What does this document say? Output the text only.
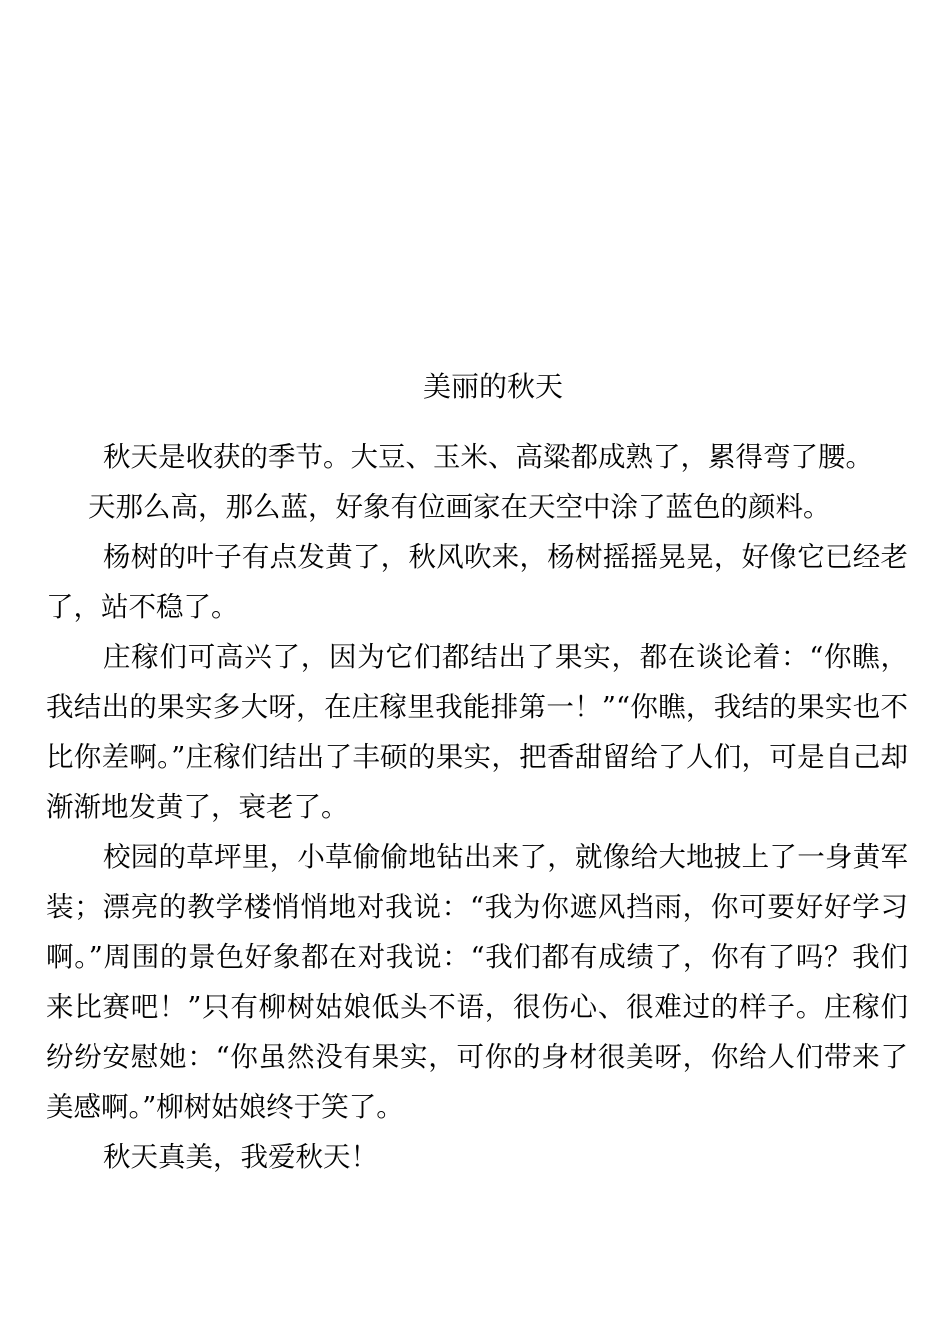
美丽的秋天

秋天是收获的季节。大豆、玉米、高粱都成熟了，累得弯了腰。

天那么高，那么蓝，好象有位画家在天空中涂了蓝色的颜料。

杨树的叶子有点发黄了，秋风吹来，杨树摇摇晃晃，好像它已经老了，站不稳了。

庄稼们可高兴了，因为它们都结出了果实，都在谈论着：“你瞧，我结出的果实多大呀，在庄稼里我能排第一！”“你瞧，我结的果实也不比你差啊。”庄稼们结出了丰硕的果实，把香甜留给了人们，可是自己却渐渐地发黄了，衰老了。

校园的草坪里，小草偷偷地钻出来了，就像给大地披上了一身黄军装；漂亮的教学楼悄悄地对我说：“我为你遮风挡雨，你可要好好学习啊。”周围的景色好象都在对我说：“我们都有成绩了，你有了吗？我们来比赛吧！”只有柳树姑娘低头不语，很伤心、很难过的样子。庄稼们纷纷安慰她：“你虽然没有果实，可你的身材很美呀，你给人们带来了美感啊。”柳树姑娘终于笑了。

秋天真美，我爱秋天！
